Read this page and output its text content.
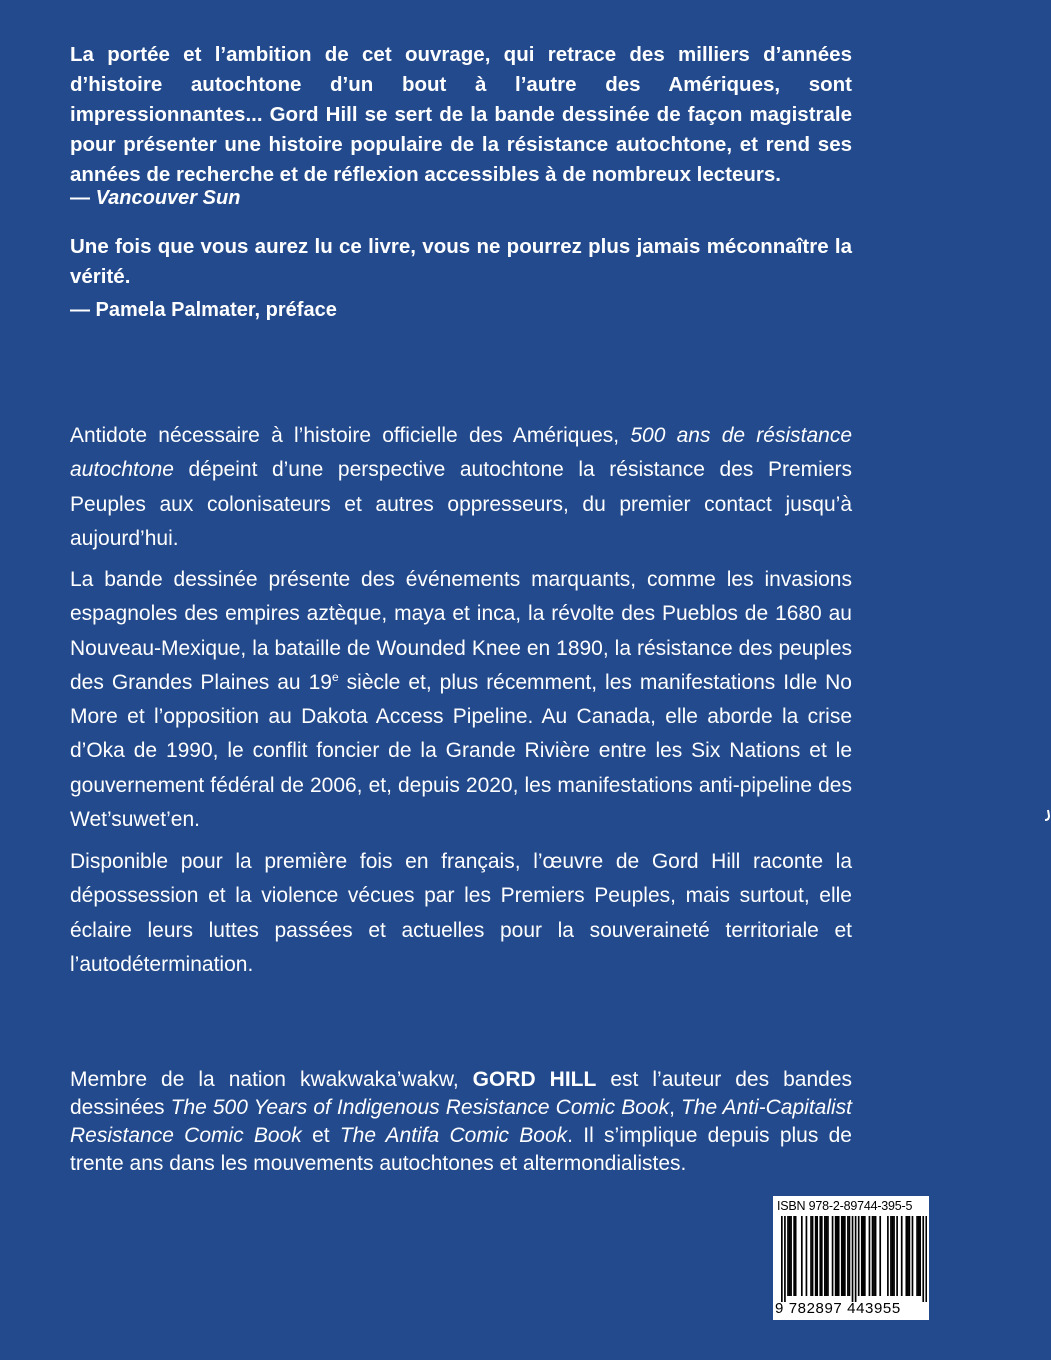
La portée et l’ambition de cet ouvrage, qui retrace des milliers d’années d’histoire autochtone d’un bout à l’autre des Amériques, sont impressionnantes... Gord Hill se sert de la bande dessinée de façon magistrale pour présenter une histoire populaire de la résistance autochtone, et rend ses années de recherche et de réflexion accessibles à de nombreux lecteurs.

— Vancouver Sun

Une fois que vous aurez lu ce livre, vous ne pourrez plus jamais méconnaître la vérité.

— Pamela Palmater, préface

Antidote nécessaire à l’histoire officielle des Amériques, 500 ans de résistance autochtone dépeint d’une perspective autochtone la résistance des Premiers Peuples aux colonisateurs et autres oppresseurs, du premier contact jusqu’à aujourd’hui.

La bande dessinée présente des événements marquants, comme les invasions espagnoles des empires aztèque, maya et inca, la révolte des Pueblos de 1680 au Nouveau-Mexique, la bataille de Wounded Knee en 1890, la résistance des peuples des Grandes Plaines au 19e siècle et, plus récemment, les manifestations Idle No More et l’opposition au Dakota Access Pipeline. Au Canada, elle aborde la crise d’Oka de 1990, le conflit foncier de la Grande Rivière entre les Six Nations et le gouvernement fédéral de 2006, et, depuis 2020, les manifestations anti-pipeline des Wet’suwet’en.

Disponible pour la première fois en français, l’œuvre de Gord Hill raconte la dépossession et la violence vécues par les Premiers Peuples, mais surtout, elle éclaire leurs luttes passées et actuelles pour la souveraineté territoriale et l’autodétermination.

Membre de la nation kwakwaka’wakw, GORD HILL est l’auteur des bandes dessinées The 500 Years of Indigenous Resistance Comic Book, The Anti-Capitalist Resistance Comic Book et The Antifa Comic Book. Il s’implique depuis plus de trente ans dans les mouvements autochtones et altermondialistes.

ISBN 978-2-89744-395-5
9 782897 443955
